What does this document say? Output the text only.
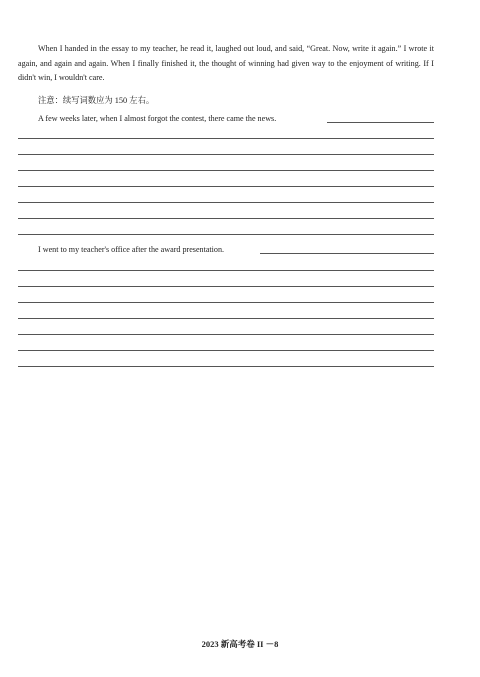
When I handed in the essay to my teacher, he read it, laughed out loud, and said, “Great. Now, write it again.” I wrote it again, and again and again. When I finally finished it, the thought of winning had given way to the enjoyment of writing. If I didn't win, I wouldn't care.

注意：续写词数应为 150 左右。
A few weeks later, when I almost forgot the contest, there came the news.
I went to my teacher's office after the award presentation.
2023 新高考卷 II －8
